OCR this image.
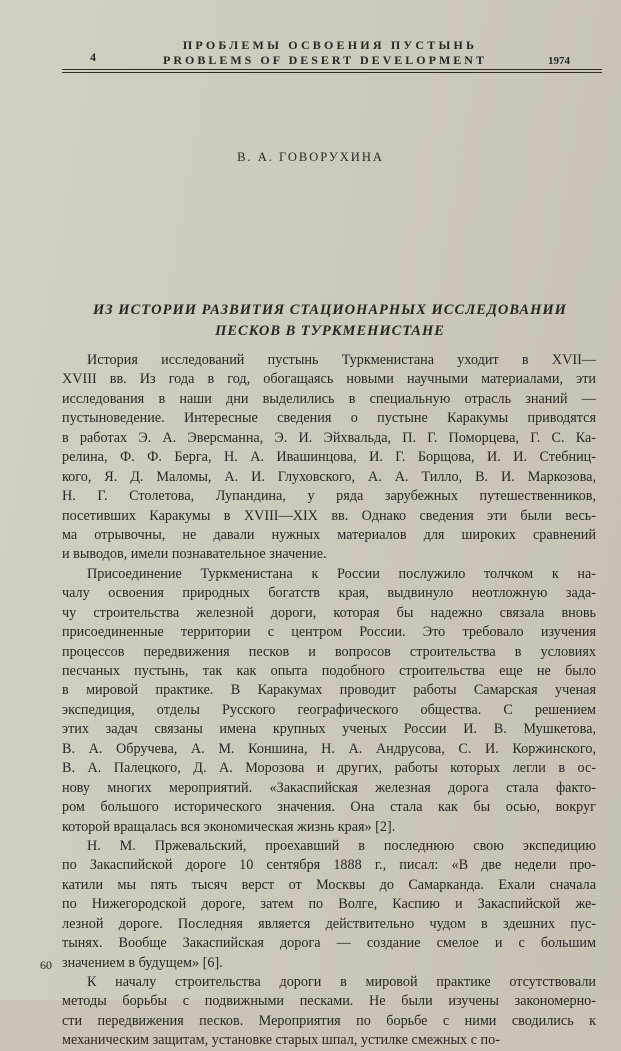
4
ПРОБЛЕМЫ ОСВОЕНИЯ ПУСТЫНЬ
PROBLEMS OF DESERT DEVELOPMENT	1974
В. А. ГОВОРУХИНА
ИЗ ИСТОРИИ РАЗВИТИЯ СТАЦИОНАРНЫХ ИССЛЕДОВАНИИ
ПЕСКОВ В ТУРКМЕНИСТАНЕ
История исследований пустынь Туркменистана уходит в XVII—
XVIII вв. Из года в год, обогащаясь новыми научными материалами, эти
исследования в наши дни выделились в специальную отрасль знаний —
пустыноведение. Интересные сведения о пустыне Каракумы приводятся
в работах Э. А. Эверсманна, Э. И. Эйхвальда, П. Г. Поморцева, Г. С. Ка-
релина, Ф. Ф. Берга, Н. А. Ивашинцова, И. Г. Борщова, И. И. Стебниц-
кого, Я. Д. Маломы, А. И. Глуховского, А. А. Тилло, В. И. Маркозова,
Н. Г. Столетова, Лупандина, у ряда зарубежных путешественников,
посетивших Каракумы в XVIII—XIX вв. Однако сведения эти были весь-
ма отрывочны, не давали нужных материалов для широких сравнений
и выводов, имели познавательное значение.
Присоединение Туркменистана к России послужило толчком к на-
чалу освоения природных богатств края, выдвинуло неотложную зада-
чу строительства железной дороги, которая бы надежно связала вновь
присоединенные территории с центром России. Это требовало изучения
процессов передвижения песков и вопросов строительства в условиях
песчаных пустынь, так как опыта подобного строительства еще не было
в мировой практике. В Каракумах проводит работы Самарская ученая
экспедиция, отделы Русского географического общества. С решением
этих задач связаны имена крупных ученых России И. В. Мушкетова,
В. А. Обручева, А. М. Коншина, Н. А. Андрусова, С. И. Коржинского,
В. А. Палецкого, Д. А. Морозова и других, работы которых легли в ос-
нову многих мероприятий. «Закаспийская железная дорога стала факто-
ром большого исторического значения. Она стала как бы осью, вокруг
которой вращалась вся экономическая жизнь края» [2].
Н. М. Пржевальский, проехавший в последнюю свою экспедицию
по Закаспийской дороге 10 сентября 1888 г., писал: «В две недели про-
катили мы пять тысяч верст от Москвы до Самарканда. Ехали сначала
по Нижегородской дороге, затем по Волге, Каспию и Закаспийской же-
лезной дороге. Последняя является действительно чудом в здешних пус-
тынях. Вообще Закаспийская дорога — создание смелое и с большим
значением в будущем» [6].
К началу строительства дороги в мировой практике отсутствовали
методы борьбы с подвижными песками. Не были изучены закономерно-
сти передвижения песков. Мероприятия по борьбе с ними сводились к
механическим защитам, установке старых шпал, устилке смежных с по-
60
